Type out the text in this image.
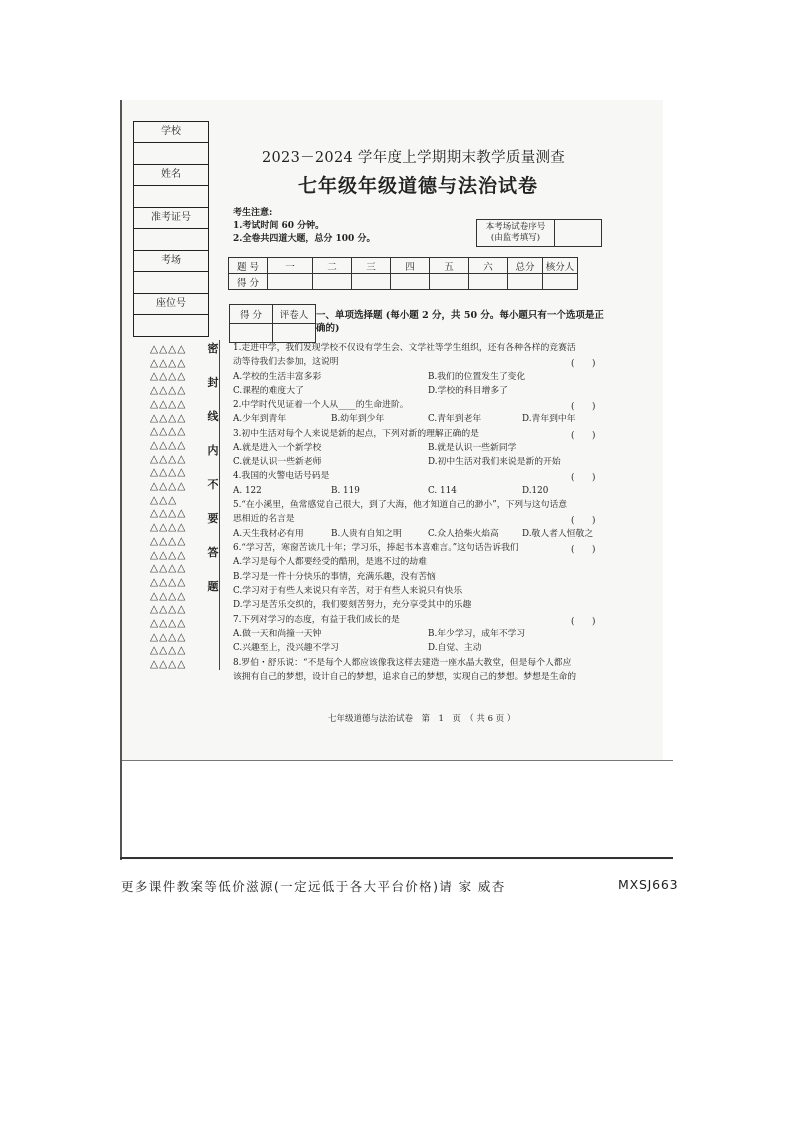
学校
姓名
准考证号
考场
座位号
△△△△
△△△△
△△△△
△△△△
△△△△
△△△△
△△△△
△△△△
△△△△
△△△△
△△△△
△△△
△△△△
△△△△
△△△△
△△△△
△△△△
△△△△
△△△△
△△△△
△△△△
△△△△
△△△△
△△△△
密
封
线
内
不
要
答
题
2023－2024 学年度上学期期末教学质量测查
七年级年级道德与法治试卷
考生注意:
1.考试时间 60 分钟。
2.全卷共四道大题，总分 100 分。
本考场试卷序号
(由监考填写)
题 号	一	二	三	四	五	六	总分	核分人
得 分								
得 分	评卷人
	一、单项选择题 (每小题 2 分，共 50 分。每小题只有一个选项是正确的)
1.走进中学，我们发现学校不仅设有学生会、文学社等学生组织，还有各种各样的竞赛活
动等待我们去参加，这说明	(　　)
A.学校的生活丰富多彩	B.我们的位置发生了变化
C.课程的难度大了	D.学校的科目增多了
2.中学时代见证着一个人从____的生命进阶。	(　　)
A.少年到青年	B.幼年到少年	C.青年到老年	D.青年到中年
3.初中生活对每个人来说是新的起点，下列对新的理解正确的是	(　　)
A.就是进入一个新学校	B.就是认识一些新同学
C.就是认识一些新老师	D.初中生活对我们来说是新的开始
4.我国的火警电话号码是	(　　)
A. 122	B. 119	C. 114	D.120
5.“在小溪里，鱼常感觉自己很大，到了大海，他才知道自己的渺小”，下列与这句话意
思相近的名言是	(　　)
A.天生我材必有用	B.人贵有自知之明	C.众人拾柴火焰高	D.敬人者人恒敬之
6.“学习苦，寒窗苦读几十年；学习乐，捧起书本喜难言。”这句话告诉我们	(　　)
A.学习是每个人都要经受的酷刑，是逃不过的劫难
B.学习是一件十分快乐的事情，充满乐趣，没有苦恼
C.学习对于有些人来说只有辛苦，对于有些人来说只有快乐
D.学习是苦乐交织的，我们要刻苦努力，充分享受其中的乐趣
7.下列对学习的态度，有益于我们成长的是	(　　)
A.做一天和尚撞一天钟	B.年少学习，成年不学习
C.兴趣至上，没兴趣不学习	D.自觉、主动
8.罗伯・舒乐说：“不是每个人都应该像我这样去建造一座水晶大教堂，但是每个人都应
该拥有自己的梦想，设计自己的梦想，追求自己的梦想，实现自己的梦想。梦想是生命的
七年级道德与法治试卷　第　1　页　（ 共 6 页 ）
更多课件教案等低价滋源(一定远低于各大平台价格)请 家 威杏	MXSJ663
